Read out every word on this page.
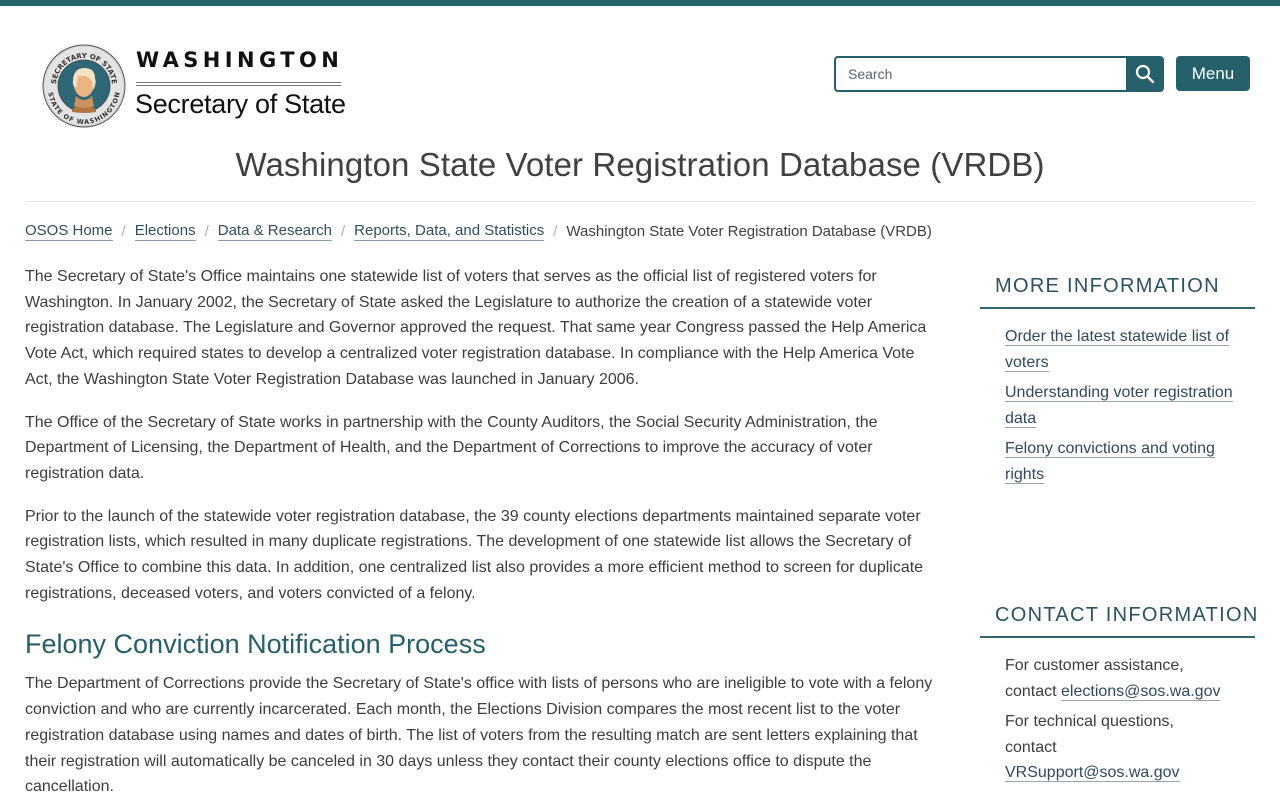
SECRETARY OF STATE
STATE OF WASHINGTON
WASHINGTON
Secretary of State
Search
Menu
Washington State Voter Registration Database (VRDB)
OSOS Home / Elections / Data & Research / Reports, Data, and Statistics / Washington State Voter Registration Database (VRDB)

The Secretary of State's Office maintains one statewide list of voters that serves as the official list of registered voters for Washington. In January 2002, the Secretary of State asked the Legislature to authorize the creation of a statewide voter registration database. The Legislature and Governor approved the request. That same year Congress passed the Help America Vote Act, which required states to develop a centralized voter registration database. In compliance with the Help America Vote Act, the Washington State Voter Registration Database was launched in January 2006.

The Office of the Secretary of State works in partnership with the County Auditors, the Social Security Administration, the Department of Licensing, the Department of Health, and the Department of Corrections to improve the accuracy of voter registration data.

Prior to the launch of the statewide voter registration database, the 39 county elections departments maintained separate voter registration lists, which resulted in many duplicate registrations. The development of one statewide list allows the Secretary of State's Office to combine this data. In addition, one centralized list also provides a more efficient method to screen for duplicate registrations, deceased voters, and voters convicted of a felony.

Felony Conviction Notification Process

The Department of Corrections provide the Secretary of State's office with lists of persons who are ineligible to vote with a felony conviction and who are currently incarcerated. Each month, the Elections Division compares the most recent list to the voter registration database using names and dates of birth. The list of voters from the resulting match are sent letters explaining that their registration will automatically be canceled in 30 days unless they contact their county elections office to dispute the cancellation.

MORE INFORMATION
Order the latest statewide list of voters
Understanding voter registration data
Felony convictions and voting rights
CONTACT INFORMATION
For customer assistance, contact elections@sos.wa.gov
For technical questions, contact VRSupport@sos.wa.gov
